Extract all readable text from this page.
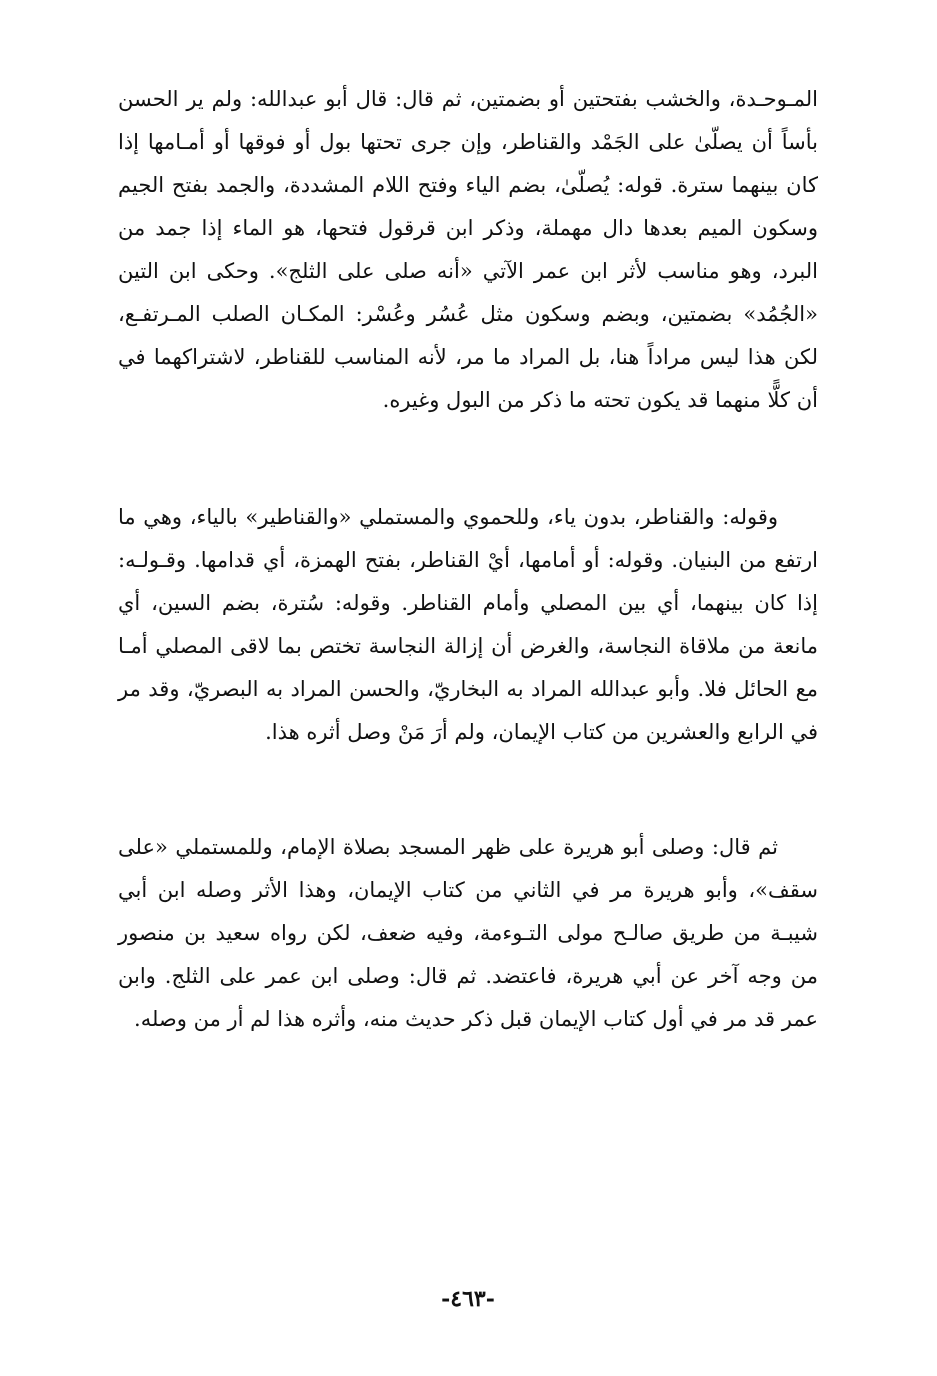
المـوحـدة، والخشب بفتحتين أو بضمتين، ثم قال: قال أبو عبدالله: ولم ير الحسن بأساً أن يصلّىٰ على الجَمْد والقناطر، وإن جرى تحتها بول أو فوقها أو أمـامها إذا كان بينهما سترة. قوله: يُصلّىٰ، بضم الياء وفتح اللام المشددة، والجمد بفتح الجيم وسكون الميم بعدها دال مهملة، وذكر ابن قرقول فتحها، هو الماء إذا جمد من البرد، وهو مناسب لأثر ابن عمر الآتي «أنه صلى على الثلج». وحكى ابن التين «الجُمُد» بضمتين، وبضم وسكون مثل عُسُر وعُسْر: المكـان الصلب المـرتفـع، لكن هذا ليس مراداً هنا، بل المراد ما مر، لأنه المناسب للقناطر، لاشتراكهما في أن كلًّا منهما قد يكون تحته ما ذكر من البول وغيره.

وقوله: والقناطر، بدون ياء، وللحموي والمستملي «والقناطير» بالياء، وهي ما ارتفع من البنيان. وقوله: أو أمامها، أيْ القناطر، بفتح الهمزة، أي قدامها. وقـولـه: إذا كان بينهما، أي بين المصلي وأمام القناطر. وقوله: سُترة، بضم السين، أي مانعة من ملاقاة النجاسة، والغرض أن إزالة النجاسة تختص بما لاقى المصلي أمـا مع الحائل فلا. وأبو عبدالله المراد به البخاريّ، والحسن المراد به البصريّ، وقد مر في الرابع والعشرين من كتاب الإيمان، ولم أرَ مَنْ وصل أثره هذا.

ثم قال: وصلى أبو هريرة على ظهر المسجد بصلاة الإمام، وللمستملي «على سقف»، وأبو هريرة مر في الثاني من كتاب الإيمان، وهذا الأثر وصله ابن أبي شيبـة من طريق صالـح مولى التـوءمة، وفيه ضعف، لكن رواه سعيد بن منصور من وجه آخر عن أبي هريرة، فاعتضد. ثم قال: وصلى ابن عمر على الثلج. وابن عمر قد مر في أول كتاب الإيمان قبل ذكر حديث منه، وأثره هذا لم أر من وصله.

-٤٦٣-
